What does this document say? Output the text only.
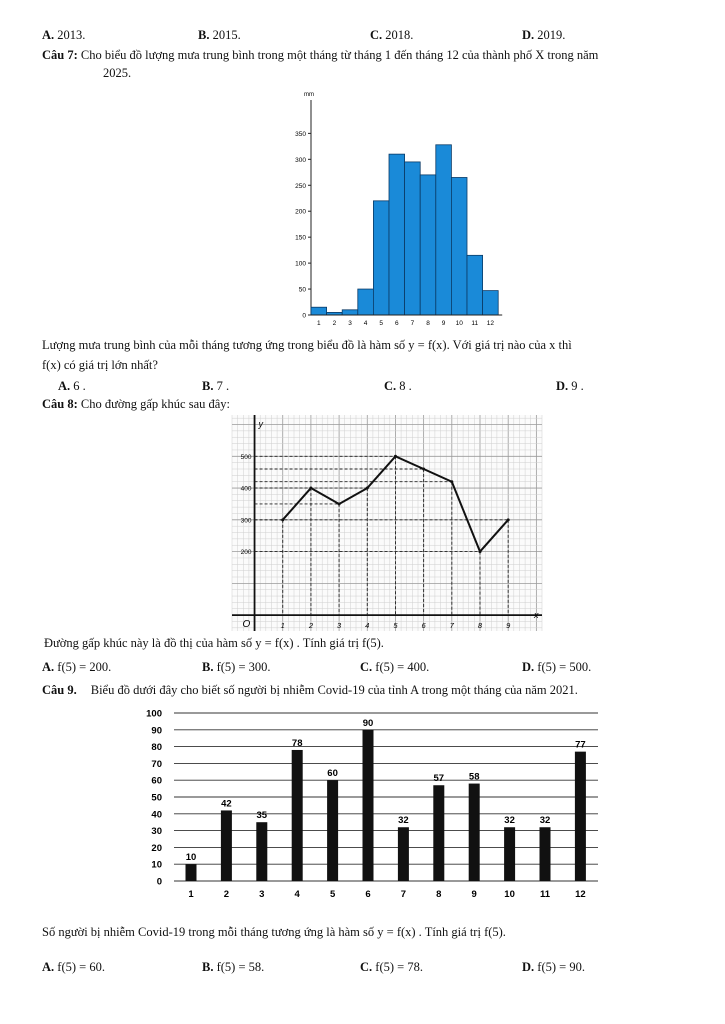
A. 2013.	B. 2015.	C. 2018.	D. 2019.
Câu 7: Cho biểu đồ lượng mưa trung bình trong một tháng từ tháng 1 đến tháng 12 của thành phố X trong năm
2025.
mm
0
50
100
150
200
250
300
350
1 2 3 4 5 6 7 8 9 10 11 12
Lượng mưa trung bình của mỗi tháng tương ứng trong biểu đồ là hàm số y = f(x). Với giá trị nào của x thì
f(x) có giá trị lớn nhất?
A. 6 .	B. 7 .	C. 8 .	D. 9 .
Câu 8: Cho đường gấp khúc sau đây:
y
x
O	1	2	3	4	5	6	7	8	9
200
300
400
500
Đường gấp khúc này là đồ thị của hàm số y = f(x) . Tính giá trị f(5).
A. f(5) = 200.	B. f(5) = 300.	C. f(5) = 400.	D. f(5) = 500.
Câu 9. Biểu đồ dưới đây cho biết số người bị nhiễm Covid-19 của tỉnh A trong một tháng của năm 2021.
0
10
20
30
40
50
60
70
80
90
100
10
1
42
2
35
3
78
4
60
5
90
6
32
7
57
8
58
9
32
10
32
11
77
12
Số người bị nhiễm Covid-19 trong mỗi tháng tương ứng là hàm số y = f(x) . Tính giá trị f(5).
A. f(5) = 60.	B. f(5) = 58.	C. f(5) = 78.	D. f(5) = 90.
